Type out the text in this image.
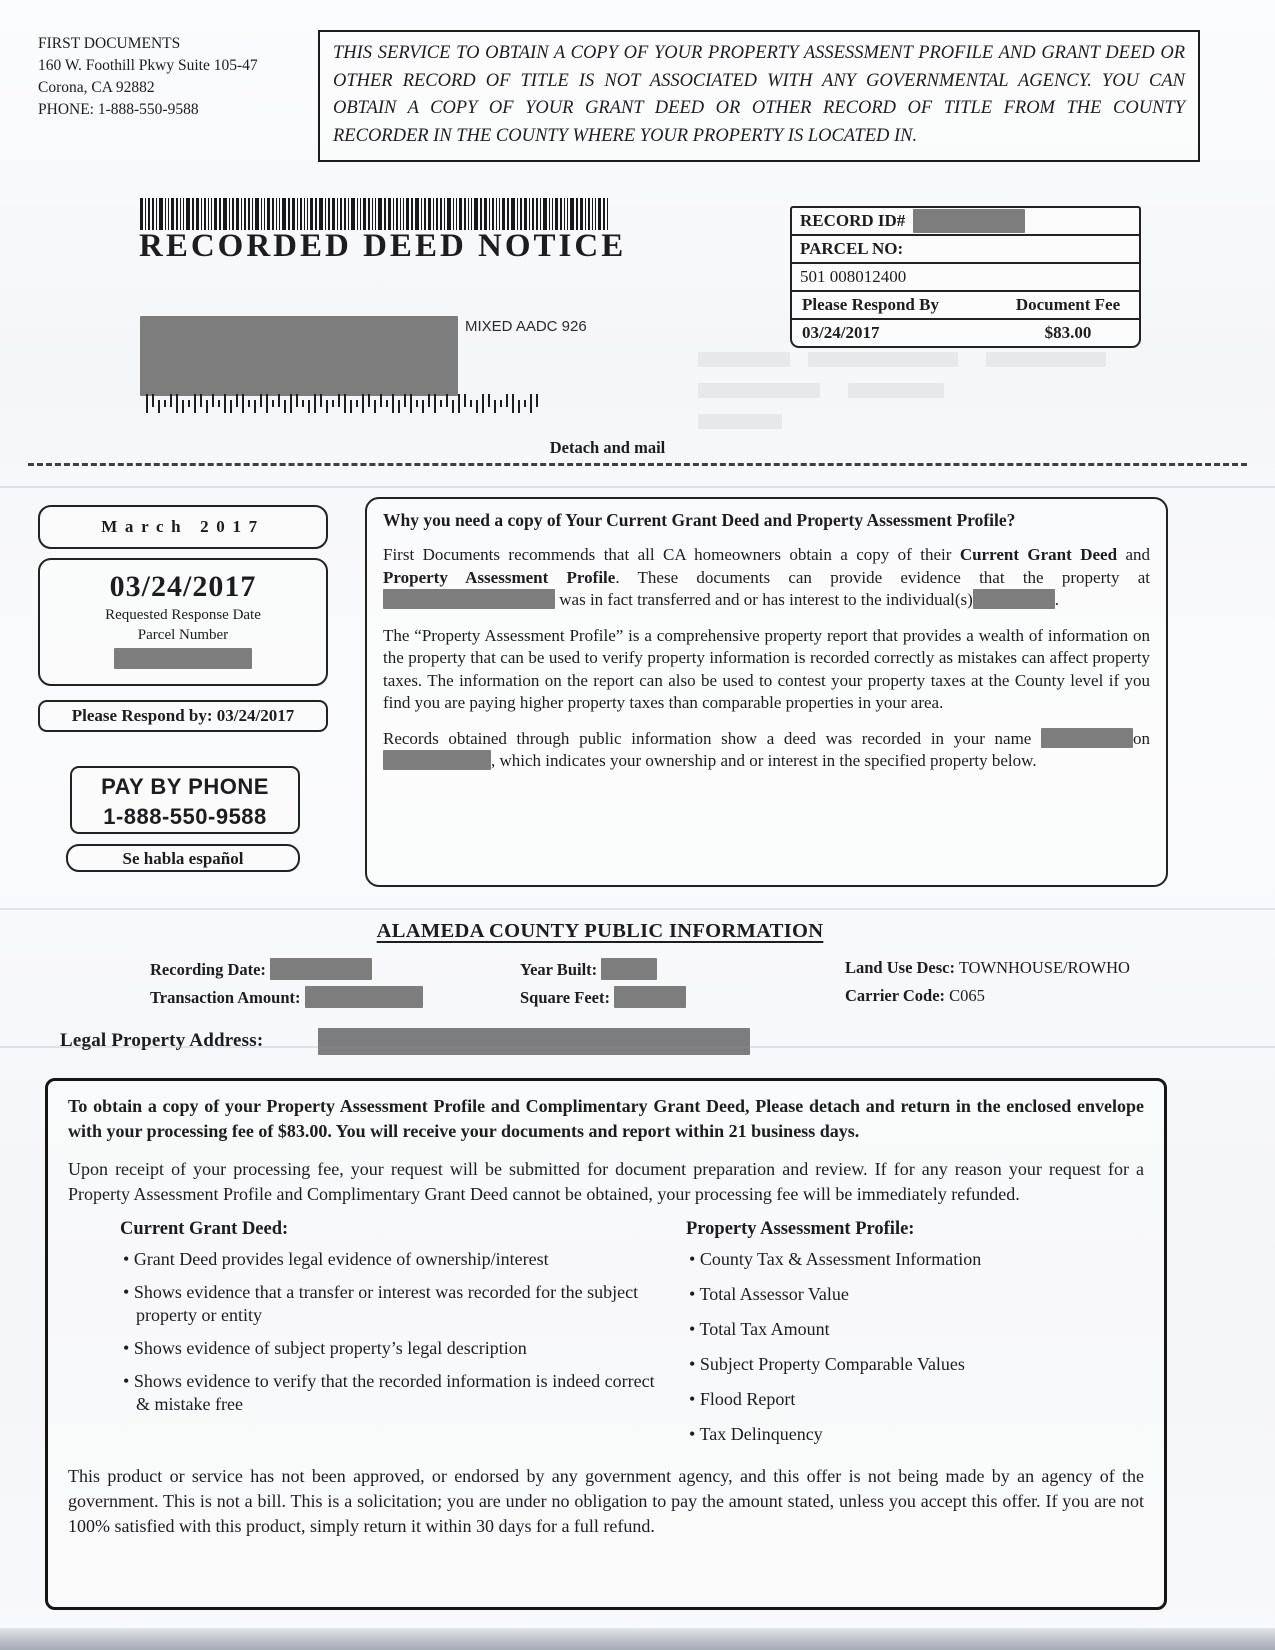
FIRST DOCUMENTS
160 W. Foothill Pkwy Suite 105-47
Corona, CA 92882
PHONE: 1-888-550-9588
THIS SERVICE TO OBTAIN A COPY OF YOUR PROPERTY ASSESSMENT PROFILE AND GRANT DEED OR OTHER RECORD OF TITLE IS NOT ASSOCIATED WITH ANY GOVERNMENTAL AGENCY. YOU CAN OBTAIN A COPY OF YOUR GRANT DEED OR OTHER RECORD OF TITLE FROM THE COUNTY RECORDER IN THE COUNTY WHERE YOUR PROPERTY IS LOCATED IN.
RECORDED DEED NOTICE
MIXED AADC 926
RECORD ID#
PARCEL NO:
501 008012400
Please Respond By	Document Fee
03/24/2017	$83.00
Detach and mail
March 2017
03/24/2017
Requested Response Date
Parcel Number
Please Respond by: 03/24/2017
PAY BY PHONE
1-888-550-9588
Se habla español
Why you need a copy of Your Current Grant Deed and Property Assessment Profile?

First Documents recommends that all CA homeowners obtain a copy of their Current Grant Deed and Property Assessment Profile. These documents can provide evidence that the property at  was in fact transferred and or has interest to the individual(s)	.

The “Property Assessment Profile” is a comprehensive property report that provides a wealth of information on the property that can be used to verify property information is recorded correctly as mistakes can affect property taxes. The information on the report can also be used to contest your property taxes at the County level if you find you are paying higher property taxes than comparable properties in your area.

Records obtained through public information show a deed was recorded in your name	on, which indicates your ownership and or interest in the specified property below.

ALAMEDA COUNTY PUBLIC INFORMATION
Recording Date:
Transaction Amount:
Year Built:
Square Feet:
Land Use Desc: TOWNHOUSE/ROWHO
Carrier Code: C065
Legal Property Address:

To obtain a copy of your Property Assessment Profile and Complimentary Grant Deed, Please detach and return in the enclosed envelope with your processing fee of $83.00. You will receive your documents and report within 21 business days.

Upon receipt of your processing fee, your request will be submitted for document preparation and review. If for any reason your request for a Property Assessment Profile and Complimentary Grant Deed cannot be obtained, your processing fee will be immediately refunded.

Current Grant Deed:
• Grant Deed provides legal evidence of ownership/interest
• Shows evidence that a transfer or interest was recorded for the subject property or entity
• Shows evidence of subject property’s legal description
• Shows evidence to verify that the recorded information is indeed correct & mistake free
Property Assessment Profile:
• County Tax & Assessment Information
• Total Assessor Value
• Total Tax Amount
• Subject Property Comparable Values
• Flood Report
• Tax Delinquency

This product or service has not been approved, or endorsed by any government agency, and this offer is not being made by an agency of the government. This is not a bill. This is a solicitation; you are under no obligation to pay the amount stated, unless you accept this offer. If you are not 100% satisfied with this product, simply return it within 30 days for a full refund.
